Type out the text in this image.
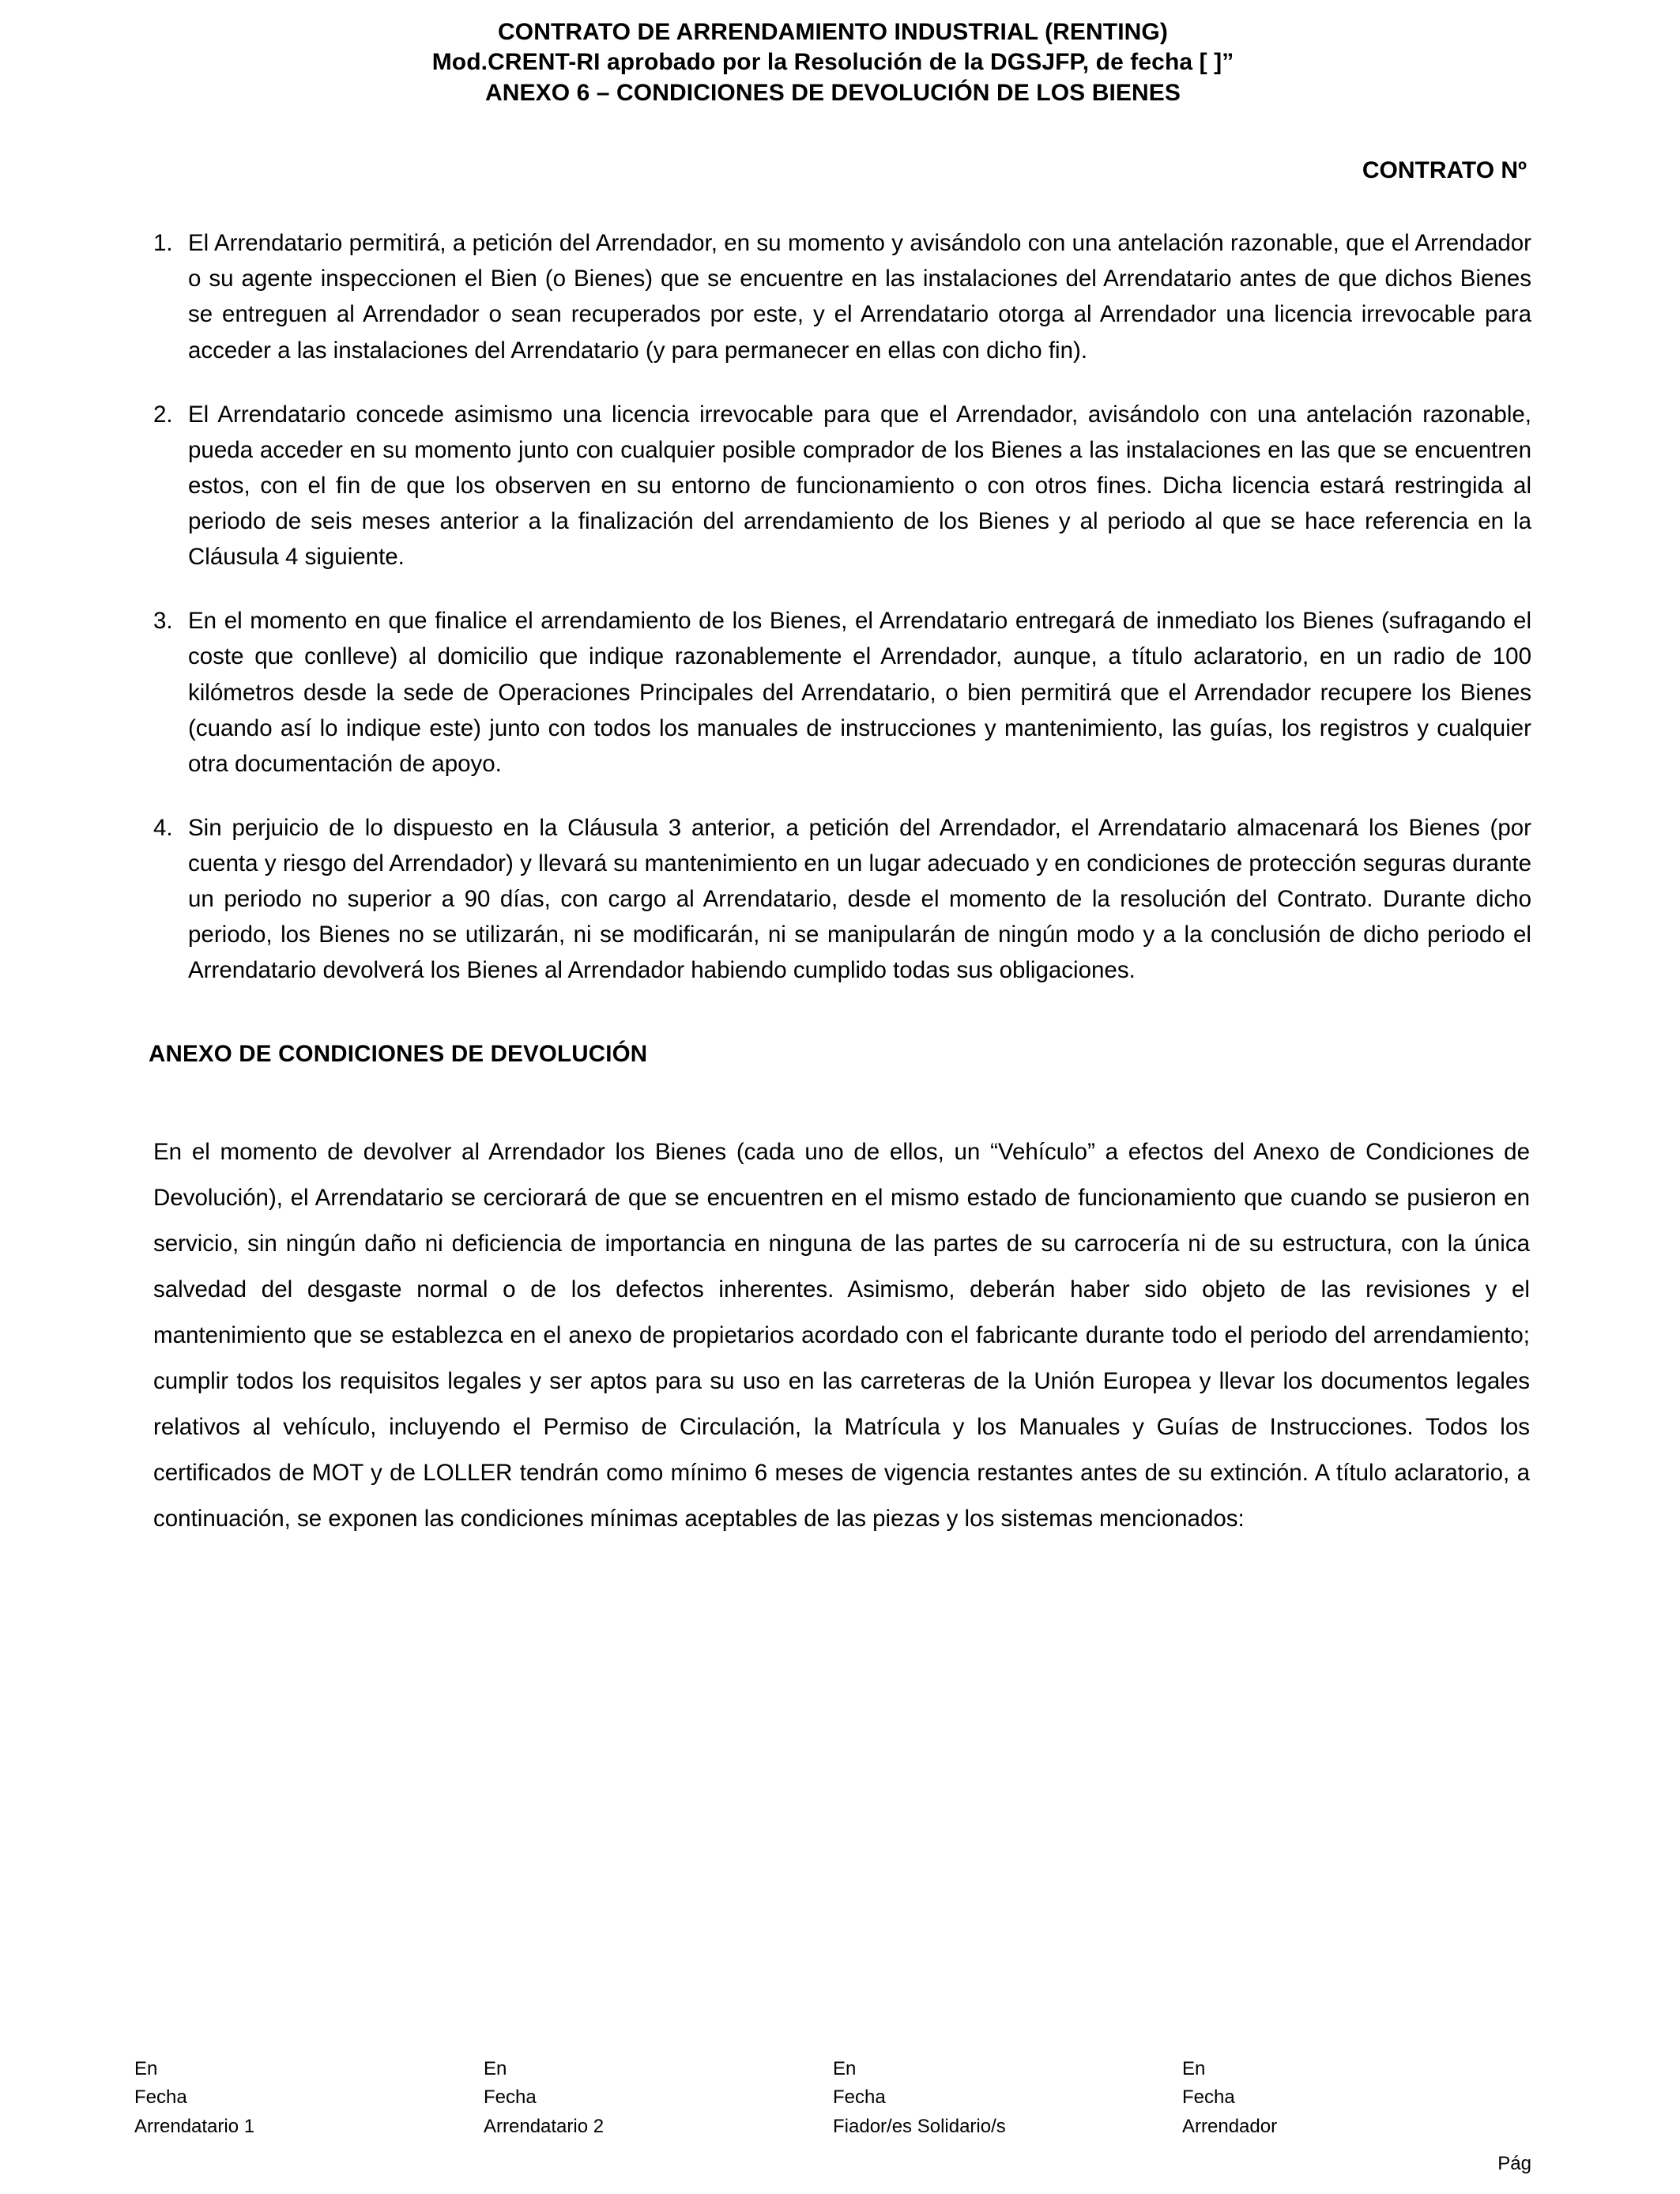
CONTRATO DE ARRENDAMIENTO INDUSTRIAL (RENTING)
Mod.CRENT-RI aprobado por la Resolución de la DGSJFP, de fecha [ ]”
ANEXO 6 – CONDICIONES DE DEVOLUCIÓN DE LOS BIENES
CONTRATO Nº
1. El Arrendatario permitirá, a petición del Arrendador, en su momento y avisándolo con una antelación razonable, que el Arrendador o su agente inspeccionen el Bien (o Bienes) que se encuentre en las instalaciones del Arrendatario antes de que dichos Bienes se entreguen al Arrendador o sean recuperados por este, y el Arrendatario otorga al Arrendador una licencia irrevocable para acceder a las instalaciones del Arrendatario (y para permanecer en ellas con dicho fin).
2. El Arrendatario concede asimismo una licencia irrevocable para que el Arrendador, avisándolo con una antelación razonable, pueda acceder en su momento junto con cualquier posible comprador de los Bienes a las instalaciones en las que se encuentren estos, con el fin de que los observen en su entorno de funcionamiento o con otros fines. Dicha licencia estará restringida al periodo de seis meses anterior a la finalización del arrendamiento de los Bienes y al periodo al que se hace referencia en la Cláusula 4 siguiente.
3. En el momento en que finalice el arrendamiento de los Bienes, el Arrendatario entregará de inmediato los Bienes (sufragando el coste que conlleve) al domicilio que indique razonablemente el Arrendador, aunque, a título aclaratorio, en un radio de 100 kilómetros desde la sede de Operaciones Principales del Arrendatario, o bien permitirá que el Arrendador recupere los Bienes (cuando así lo indique este) junto con todos los manuales de instrucciones y mantenimiento, las guías, los registros y cualquier otra documentación de apoyo.
4. Sin perjuicio de lo dispuesto en la Cláusula 3 anterior, a petición del Arrendador, el Arrendatario almacenará los Bienes (por cuenta y riesgo del Arrendador) y llevará su mantenimiento en un lugar adecuado y en condiciones de protección seguras durante un periodo no superior a 90 días, con cargo al Arrendatario, desde el momento de la resolución del Contrato. Durante dicho periodo, los Bienes no se utilizarán, ni se modificarán, ni se manipularán de ningún modo y a la conclusión de dicho periodo el Arrendatario devolverá los Bienes al Arrendador habiendo cumplido todas sus obligaciones.
ANEXO DE CONDICIONES DE DEVOLUCIÓN
En el momento de devolver al Arrendador los Bienes (cada uno de ellos, un “Vehículo” a efectos del Anexo de Condiciones de Devolución), el Arrendatario se cerciorará de que se encuentren en el mismo estado de funcionamiento que cuando se pusieron en servicio, sin ningún daño ni deficiencia de importancia en ninguna de las partes de su carrocería ni de su estructura, con la única salvedad del desgaste normal o de los defectos inherentes. Asimismo, deberán haber sido objeto de las revisiones y el mantenimiento que se establezca en el anexo de propietarios acordado con el fabricante durante todo el periodo del arrendamiento; cumplir todos los requisitos legales y ser aptos para su uso en las carreteras de la Unión Europea y llevar los documentos legales relativos al vehículo, incluyendo el Permiso de Circulación, la Matrícula y los Manuales y Guías de Instrucciones. Todos los certificados de MOT y de LOLLER tendrán como mínimo 6 meses de vigencia restantes antes de su extinción. A título aclaratorio, a continuación, se exponen las condiciones mínimas aceptables de las piezas y los sistemas mencionados:
En
Fecha
Arrendatario 1
En
Fecha
Arrendatario 2
En
Fecha
Fiador/es Solidario/s
En
Fecha
Arrendador
Pág
